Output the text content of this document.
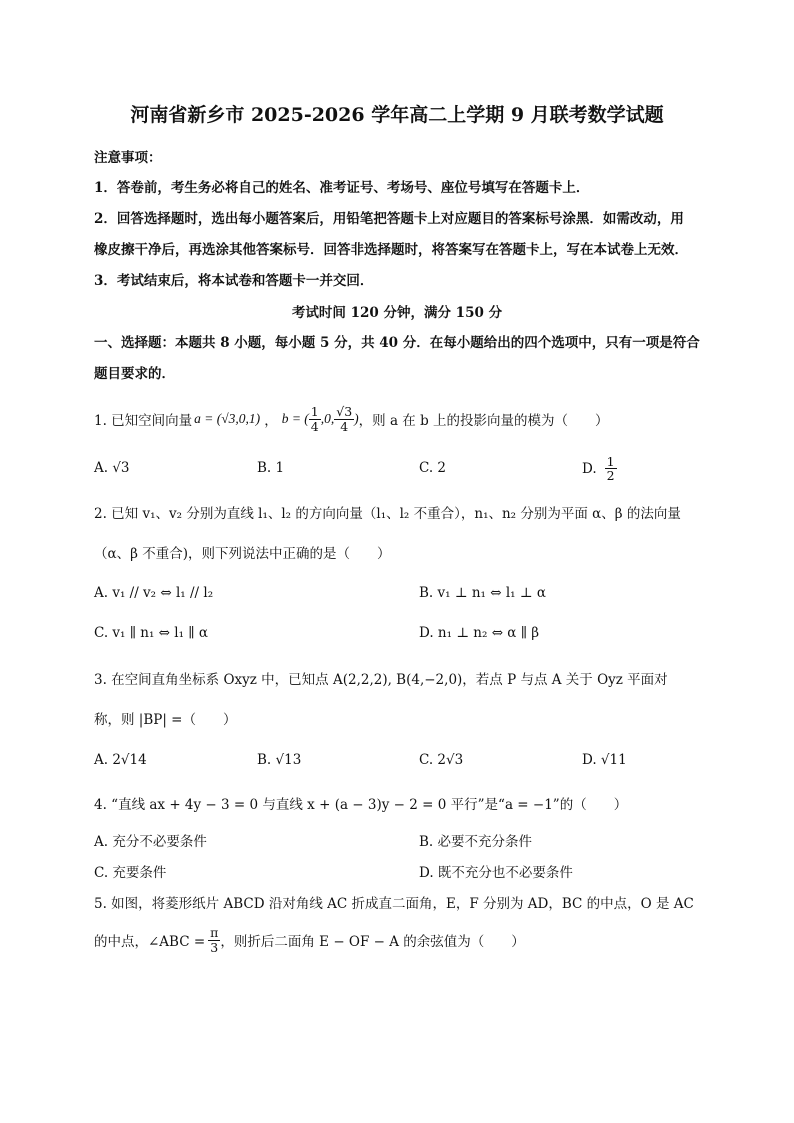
河南省新乡市 2025-2026 学年高二上学期 9 月联考数学试题
注意事项：
1．答卷前，考生务必将自己的姓名、准考证号、考场号、座位号填写在答题卡上．
2．回答选择题时，选出每小题答案后，用铅笔把答题卡上对应题目的答案标号涂黑．如需改动，用
橡皮擦干净后，再选涂其他答案标号．回答非选择题时，将答案写在答题卡上，写在本试卷上无效．
3．考试结束后，将本试卷和答题卡一并交回．
考试时间 120 分钟，满分 150 分
一、选择题：本题共 8 小题，每小题 5 分，共 40 分．在每小题给出的四个选项中，只有一项是符合
题目要求的．
1. 已知空间向量 a = (√3,0,1) ， b = ( $\frac{1}{4} ,0$, $\frac{√3}{4}$ ) ，则 a 在 b 上的投影向量的模为（　　）
A. √3	B. 1	C. 2	D. $\frac{1}{2}$
2. 已知 v₁、v₂ 分别为直线 l₁、l₂ 的方向向量（l₁、l₂ 不重合），n₁、n₂ 分别为平面 α、β 的法向量
（α、β 不重合)，则下列说法中正确的是（　　）
A. v₁ // v₂ ⇔ l₁ // l₂	B. v₁ ⊥ n₁ ⇔ l₁ ⊥ α
C. v₁ ∥ n₁ ⇔ l₁ ∥ α	D. n₁ ⊥ n₂ ⇔ α ∥ β
3. 在空间直角坐标系 Oxyz 中，已知点 A(2,2,2), B(4,−2,0)，若点 P 与点 A 关于 Oyz 平面对
称，则 |BP| =（　　）
A. 2√14	B. √13	C. 2√3	D. √11
4. “直线 ax + 4y − 3 = 0 与直线 x + (a − 3)y − 2 = 0 平行”是“a = −1”的（　　）
A. 充分不必要条件	B. 必要不充分条件
C. 充要条件	D. 既不充分也不必要条件
5. 如图，将菱形纸片 ABCD 沿对角线 AC 折成直二面角，E，F 分别为 AD，BC 的中点，O 是 AC
的中点，∠ABC = $\frac{\pi}{3}$ ，则折后二面角 E − OF − A 的余弦值为（　　）
